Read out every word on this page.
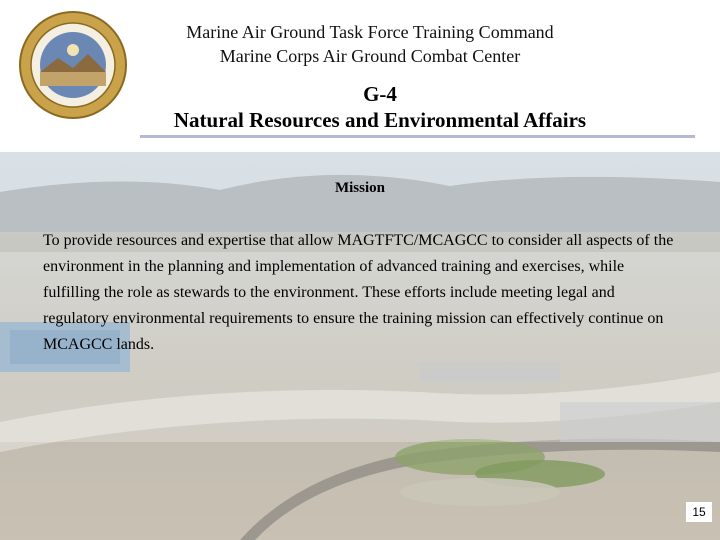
Marine Air Ground Task Force Training Command
Marine Corps Air Ground Combat Center
G-4
Natural Resources and Environmental Affairs
Mission
To provide resources and expertise that allow MAGTFTC/MCAGCC to consider all aspects of the environment in the planning and implementation of advanced training and exercises, while fulfilling the role as stewards to the environment. These efforts include meeting legal and regulatory environmental requirements to ensure the training mission can effectively continue on MCAGCC lands.
15
